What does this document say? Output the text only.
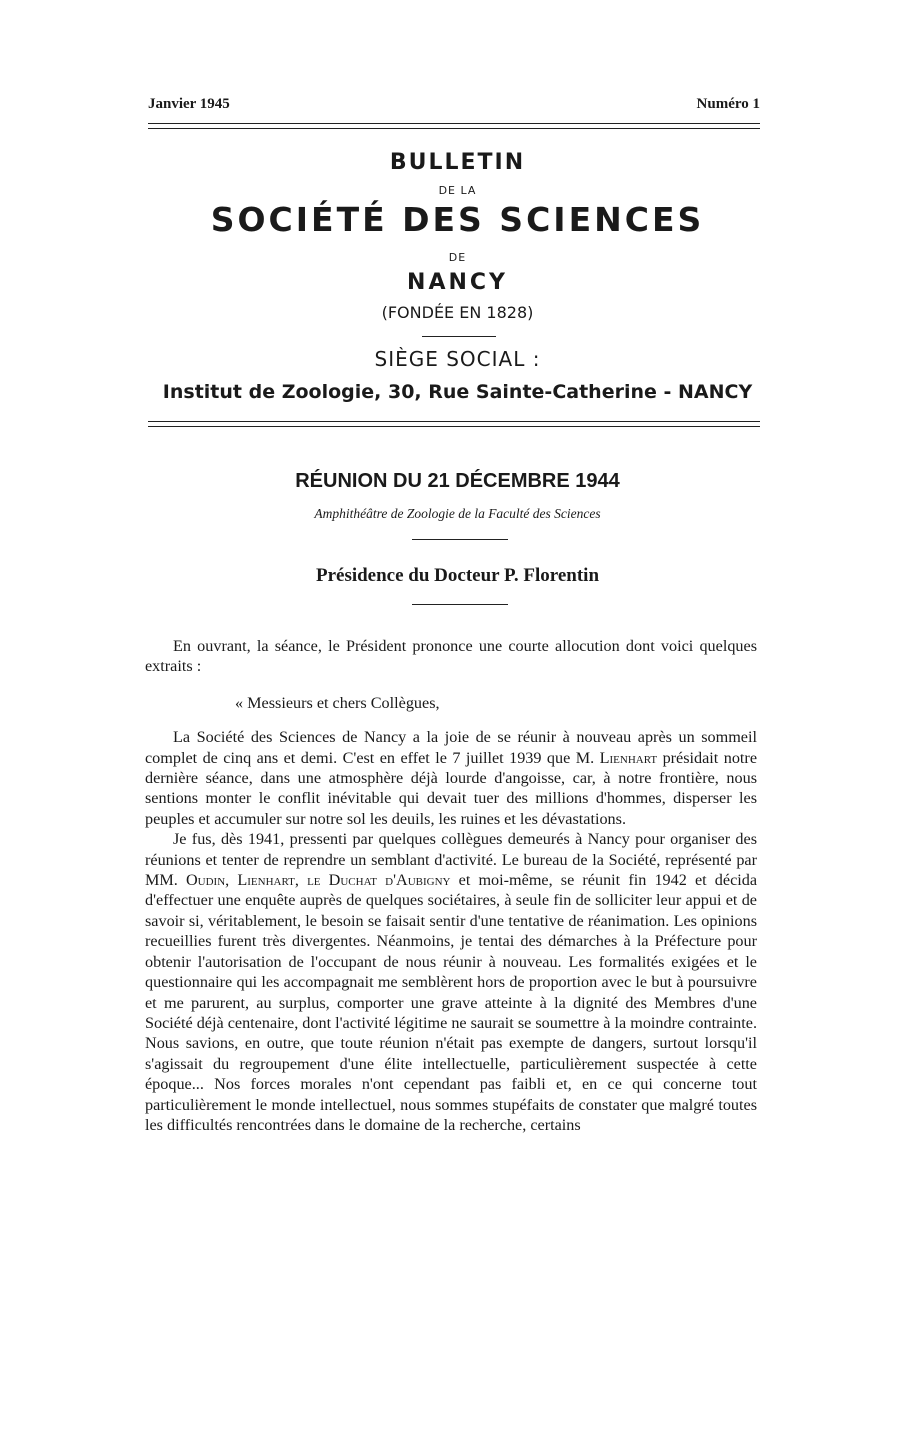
Janvier 1945	Numéro 1
BULLETIN
DE LA
SOCIÉTÉ DES SCIENCES
DE
NANCY
(FONDÉE EN 1828)
SIÈGE SOCIAL :
Institut de Zoologie, 30, Rue Sainte-Catherine - NANCY
RÉUNION DU 21 DÉCEMBRE 1944
Amphithéâtre de Zoologie de la Faculté des Sciences
Présidence du Docteur P. Florentin

En ouvrant, la séance, le Président prononce une courte allocution dont voici quelques extraits :

« Messieurs et chers Collègues,

La Société des Sciences de Nancy a la joie de se réunir à nouveau après un sommeil complet de cinq ans et demi. C'est en effet le 7 juillet 1939 que M. Lienhart présidait notre dernière séance, dans une atmosphère déjà lourde d'angoisse, car, à notre frontière, nous sentions monter le conflit inévitable qui devait tuer des millions d'hommes, disperser les peuples et accumuler sur notre sol les deuils, les ruines et les dévastations.

Je fus, dès 1941, pressenti par quelques collègues demeurés à Nancy pour organiser des réunions et tenter de reprendre un semblant d'activité. Le bureau de la Société, représenté par MM. Oudin, Lienhart, le Duchat d'Aubigny et moi-même, se réunit fin 1942 et décida d'effectuer une enquête auprès de quelques sociétaires, à seule fin de solliciter leur appui et de savoir si, véritablement, le besoin se faisait sentir d'une tentative de réanimation. Les opinions recueillies furent très divergentes. Néanmoins, je tentai des démarches à la Préfecture pour obtenir l'autorisation de l'occupant de nous réunir à nouveau. Les formalités exigées et le questionnaire qui les accompagnait me semblèrent hors de proportion avec le but à poursuivre et me parurent, au surplus, comporter une grave atteinte à la dignité des Membres d'une Société déjà centenaire, dont l'activité légitime ne saurait se soumettre à la moindre contrainte. Nous savions, en outre, que toute réunion n'était pas exempte de dangers, surtout lorsqu'il s'agissait du regroupement d'une élite intellectuelle, particulièrement suspectée à cette époque... Nos forces morales n'ont cependant pas faibli et, en ce qui concerne tout particulièrement le monde intellectuel, nous sommes stupéfaits de constater que malgré toutes les difficultés rencontrées dans le domaine de la recherche, certains
